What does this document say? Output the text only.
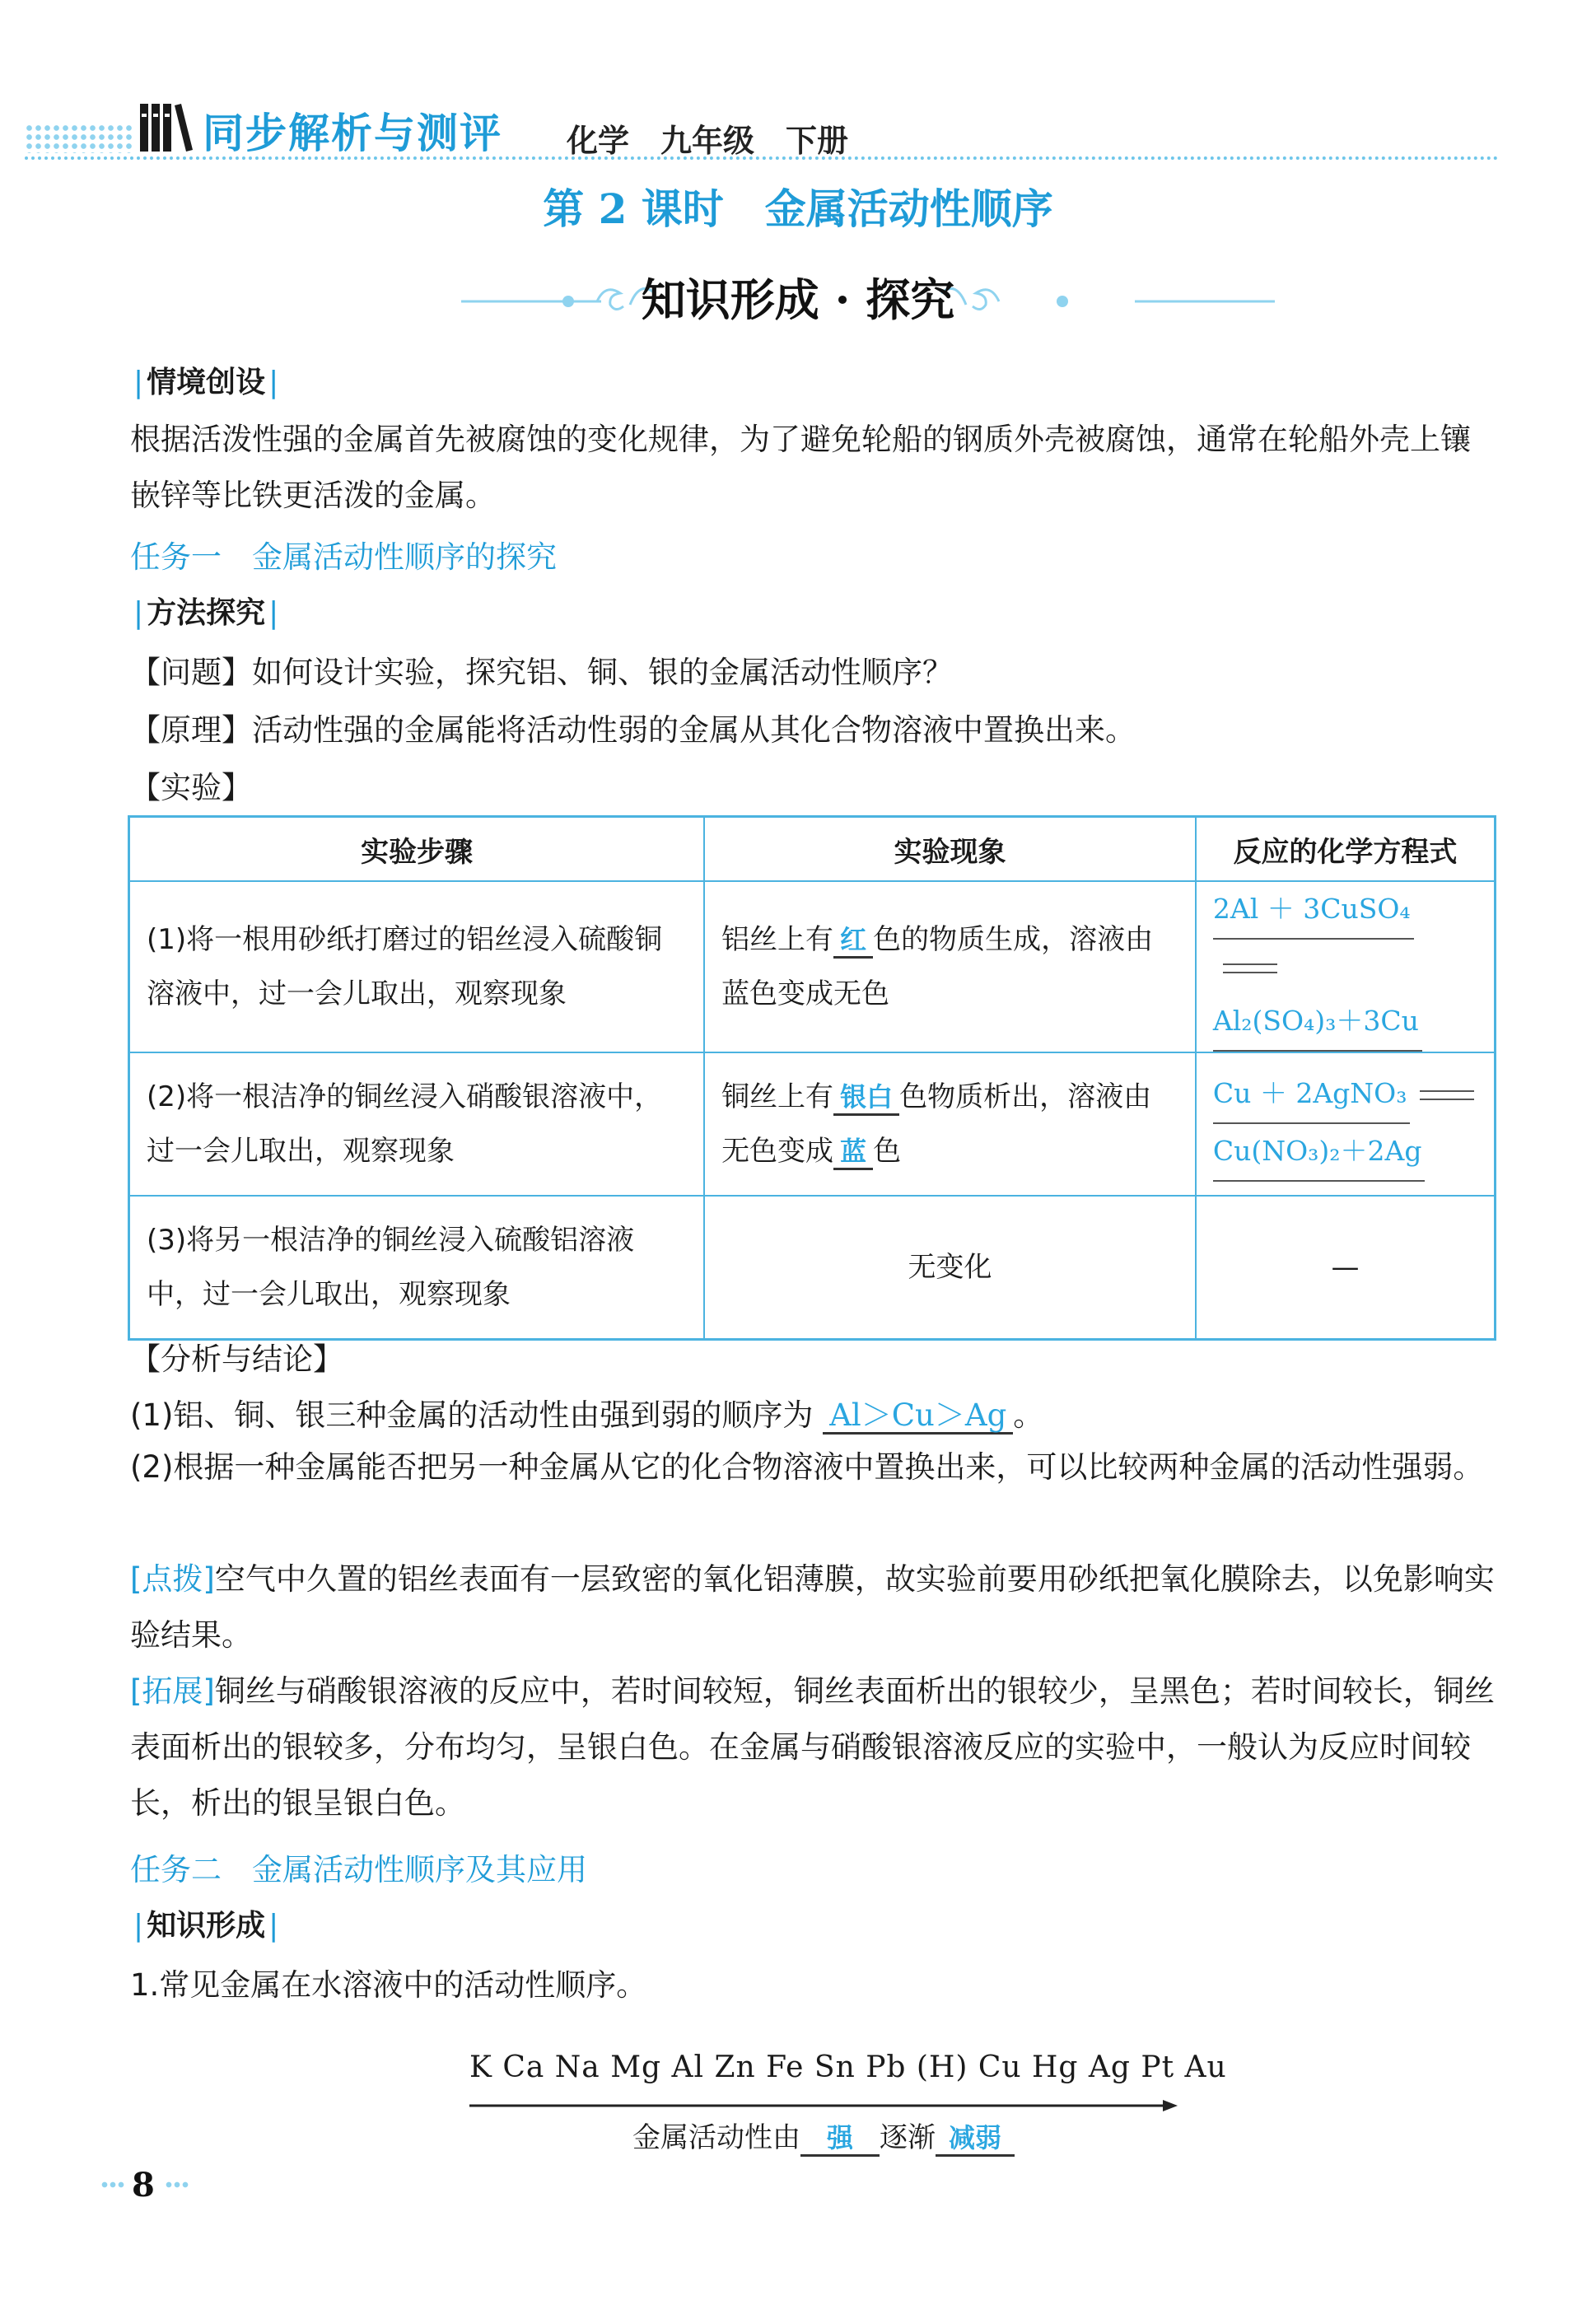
同步解析与测评 化学　九年级　下册
第 2 课时　金属活动性顺序
知识形成 · 探究
| 情境创设 |
根据活泼性强的金属首先被腐蚀的变化规律，为了避免轮船的钢质外壳被腐蚀，通常在轮船外壳上镶嵌锌等比铁更活泼的金属。
任务一　金属活动性顺序的探究
| 方法探究 |
【问题】如何设计实验，探究铝、铜、银的金属活动性顺序？
【原理】活动性强的金属能将活动性弱的金属从其化合物溶液中置换出来。
【实验】
实验步骤	实验现象	反应的化学方程式
(1)将一根用砂纸打磨过的铝丝浸入硫酸铜溶液中，过一会儿取出，观察现象	铝丝上有 红 色的物质生成，溶液由蓝色变成无色	2Al ＋ 3CuSO₄
Al₂(SO₄)₃＋3Cu

(2)将一根洁净的铜丝浸入硝酸银溶液中，过一会儿取出，观察现象	铜丝上有 银白 色物质析出，溶液由无色变成 蓝 色	Cu ＋ 2AgNO₃
Cu(NO₃)₂＋2Ag

(3)将另一根洁净的铜丝浸入硫酸铝溶液中，过一会儿取出，观察现象	无变化	—
【分析与结论】
(1)铝、铜、银三种金属的活动性由强到弱的顺序为 Al＞Cu＞Ag 。
(2)根据一种金属能否把另一种金属从它的化合物溶液中置换出来，可以比较两种金属的活动性强弱。
[点拨]空气中久置的铝丝表面有一层致密的氧化铝薄膜，故实验前要用砂纸把氧化膜除去，以免影响实验结果。
[拓展]铜丝与硝酸银溶液的反应中，若时间较短，铜丝表面析出的银较少，呈黑色；若时间较长，铜丝表面析出的银较多，分布均匀，呈银白色。在金属与硝酸银溶液反应的实验中，一般认为反应时间较长，析出的银呈银白色。
任务二　金属活动性顺序及其应用
| 知识形成 |
1.常见金属在水溶液中的活动性顺序。
K Ca Na Mg Al Zn Fe Sn Pb (H) Cu Hg Ag Pt Au
金属活动性由 强 逐渐 减弱
8
